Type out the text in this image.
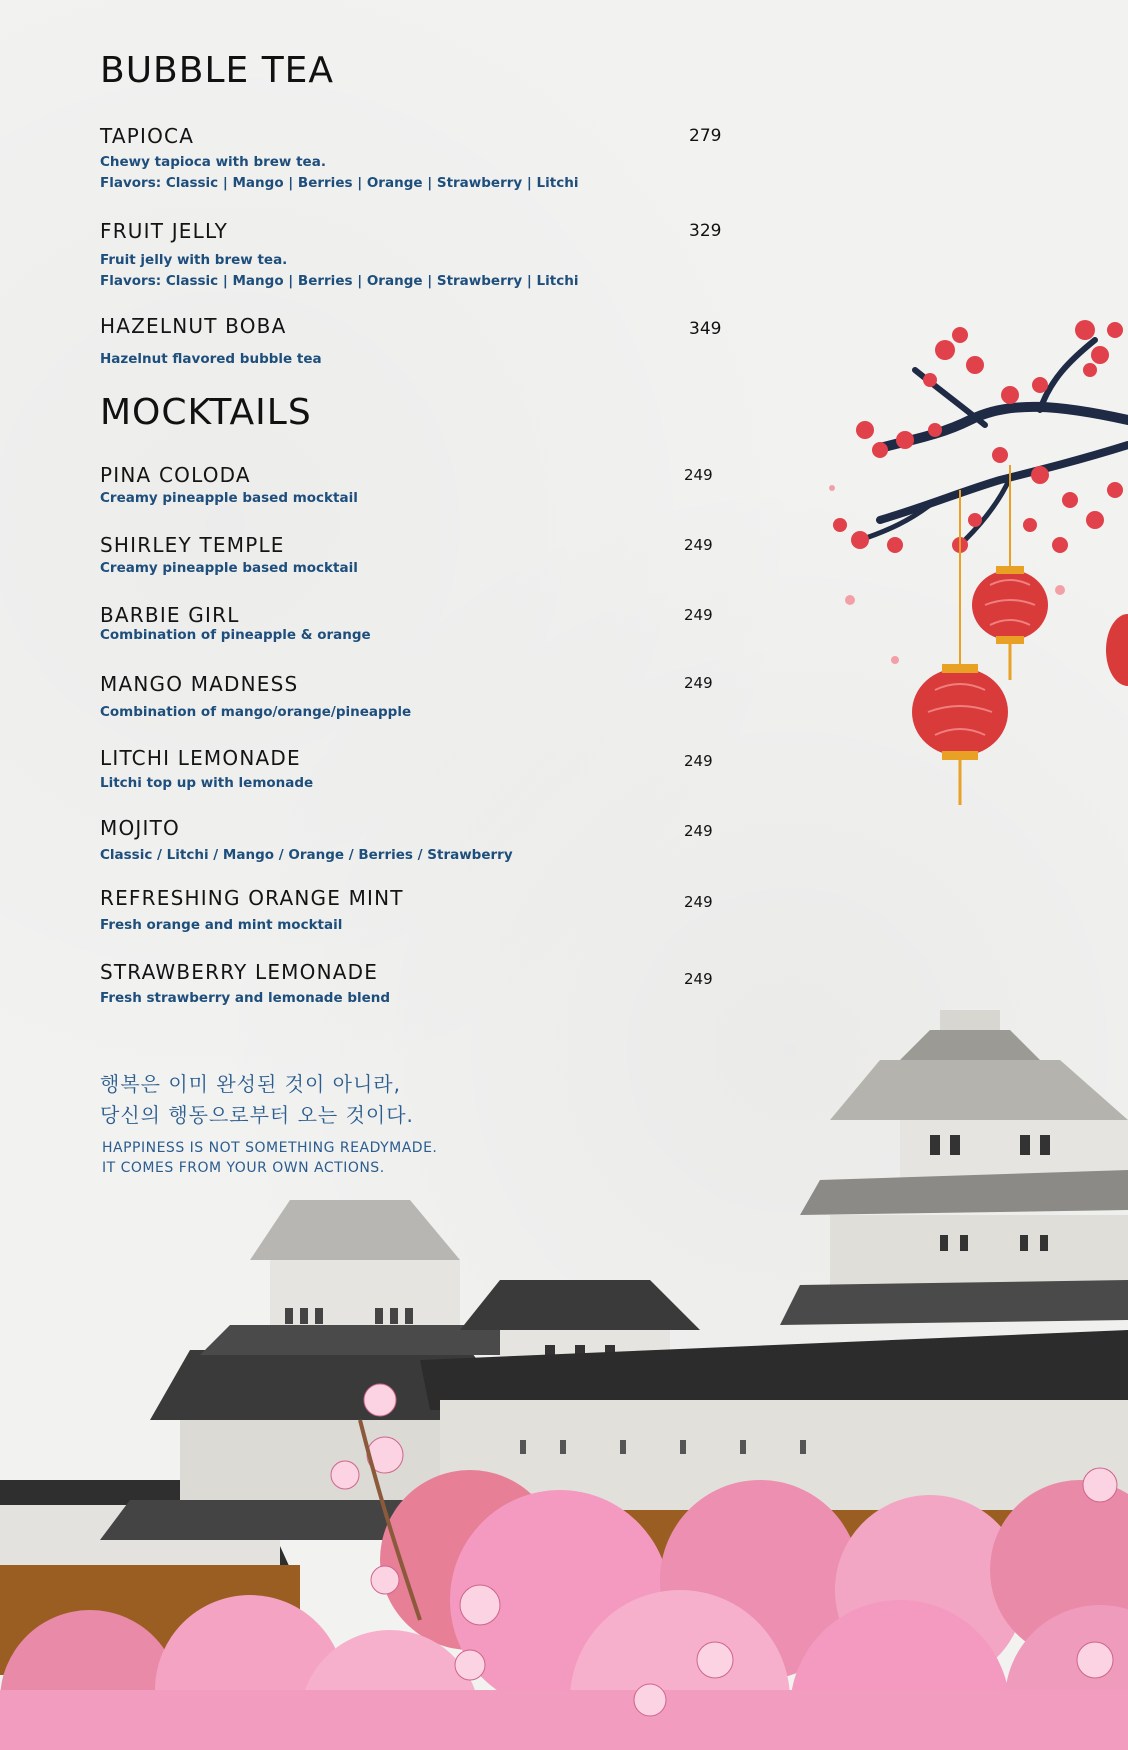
BUBBLE TEA

TAPIOCA	279

Chewy tapioca with brew tea.

Flavors: Classic | Mango | Berries | Orange | Strawberry | Litchi

FRUIT JELLY	329

Fruit jelly with brew tea.

Flavors: Classic | Mango | Berries | Orange | Strawberry | Litchi

HAZELNUT BOBA	349

Hazelnut flavored bubble tea

MOCKTAILS

PINA COLODA	249

Creamy pineapple based mocktail

SHIRLEY TEMPLE	249

Creamy pineapple based mocktail

BARBIE GIRL	249

Combination of pineapple & orange

MANGO MADNESS	249

Combination of mango/orange/pineapple

LITCHI LEMONADE	249

Litchi top up with lemonade

MOJITO	249

Classic / Litchi / Mango / Orange / Berries / Strawberry

REFRESHING ORANGE MINT	249

Fresh orange and mint mocktail

STRAWBERRY LEMONADE	249

Fresh strawberry and lemonade blend

행복은 이미 완성된 것이 아니라,
당신의 행동으로부터 오는 것이다.
HAPPINESS IS NOT SOMETHING READYMADE.
IT COMES FROM YOUR OWN ACTIONS.
